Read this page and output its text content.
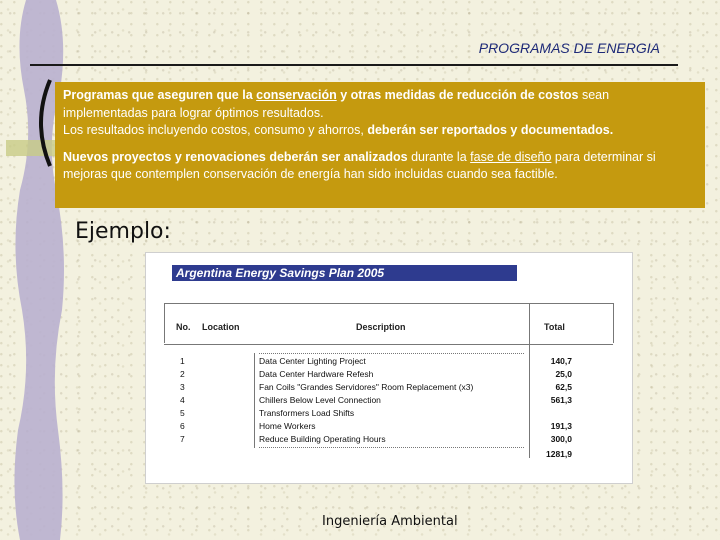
PROGRAMAS DE ENERGIA

Programas que aseguren que la conservación y otras medidas de reducción de costos sean implementadas para lograr óptimos resultados.

Los resultados incluyendo costos, consumo y ahorros, deberán ser reportados y documentados.

Nuevos proyectos y renovaciones deberán ser analizados durante la fase de diseño para determinar si mejoras que contemplen conservación de energía han sido incluidas cuando sea factible.

Ejemplo:
Argentina Energy Savings Plan 2005
No. Location	Description	Total
1	Data Center Lighting Project	140,7
2	Data Center Hardware Refesh	25,0
3	Fan Coils "Grandes Servidores" Room Replacement (x3)	62,5
4	Chillers Below Level Connection	561,3
5	Transformers Load Shifts
6	Home Workers	191,3
7	Reduce Building Operating Hours	300,0
1281,9
Ingeniería Ambiental
